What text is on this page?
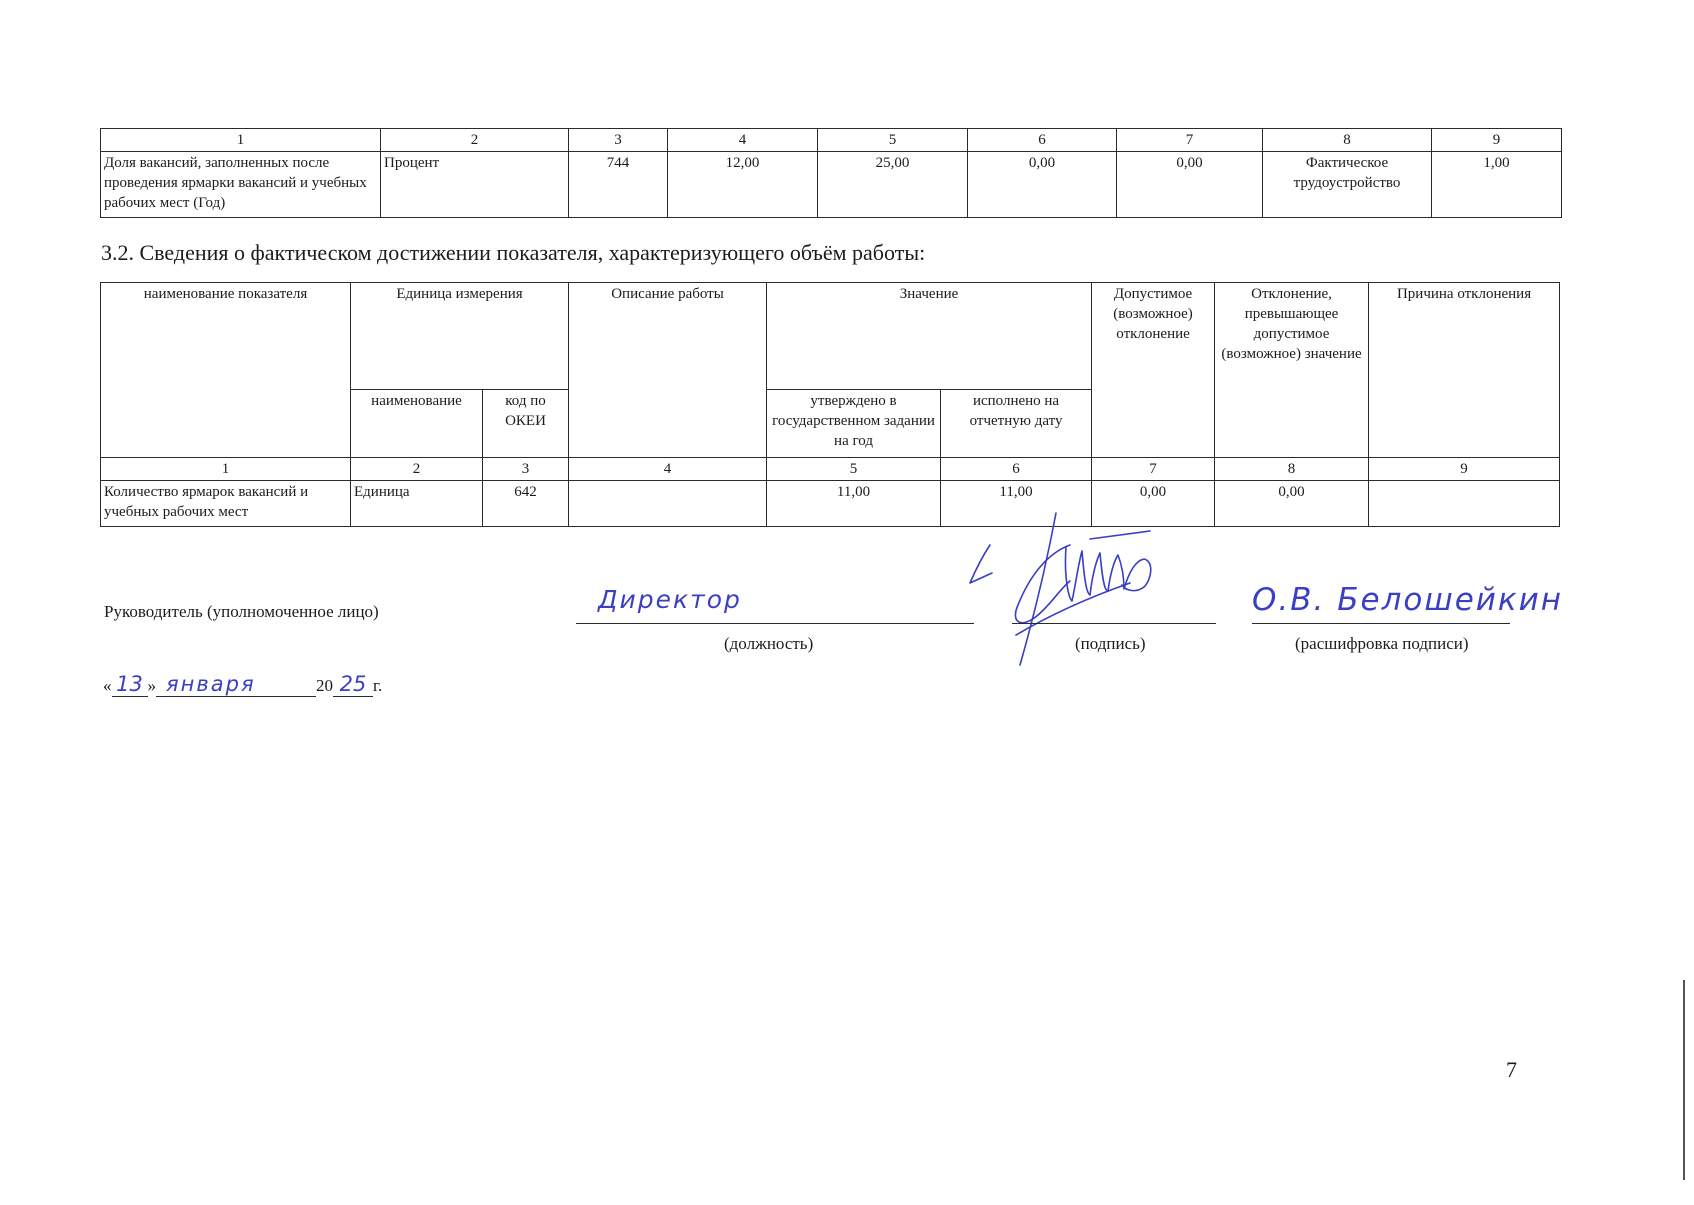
1	2	3	4	5	6	7	8	9
Доля вакансий, заполненных после проведения ярмарки вакансий и учебных рабочих мест (Год)	Процент	744	12,00	25,00	0,00	0,00	Фактическое трудоустройство	1,00
3.2. Сведения о фактическом достижении показателя, характеризующего объём работы:
наименование показателя	Единица измерения		Описание работы	Значение		Допустимое (возможное) отклонение	Отклонение, превышающее допустимое (возможное) значение	Причина отклонения
	наименование	код по ОКЕИ		утверждено в государственном задании на год	исполнено на отчетную дату			
1	2	3	4	5	6	7	8	9
Количество ярмарок вакансий и учебных рабочих мест	Единица	642		11,00	11,00	0,00	0,00	
Руководитель (уполномоченное лицо)	Директор
(должность)	(подпись)
О.В. Белошейкин
(расшифровка подписи)
« 13 » января	20 25 г.
7
